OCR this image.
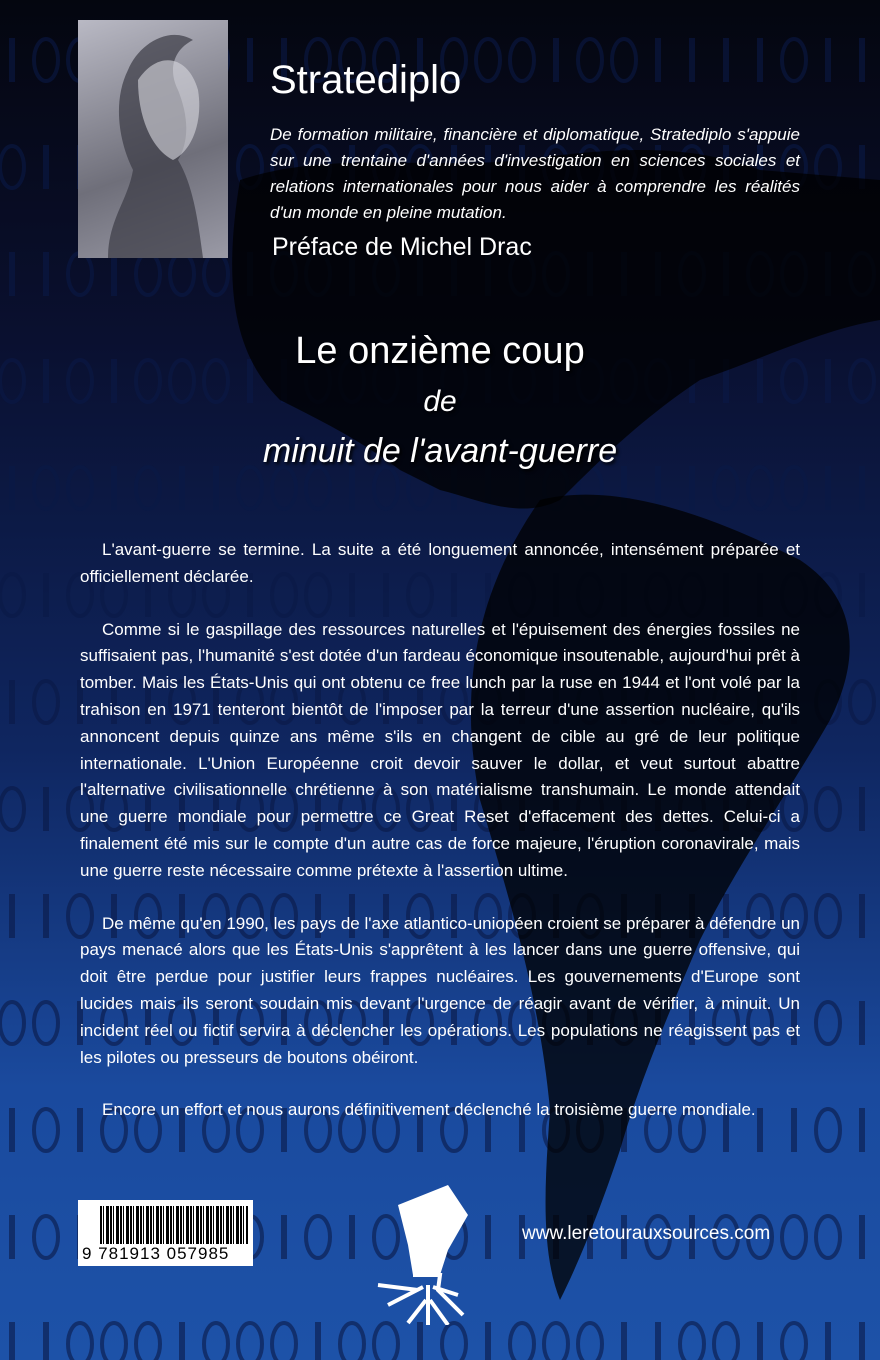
Stratediplo
De formation militaire, financière et diplomatique, Stratediplo s'appuie sur une trentaine d'années d'investigation en sciences sociales et relations internationales pour nous aider à comprendre les réalités d'un monde en pleine mutation.
Préface de Michel Drac
Le onzième coup
de
minuit de l'avant-guerre

L'avant-guerre se termine. La suite a été longuement annoncée, intensément préparée et officiellement déclarée.

Comme si le gaspillage des ressources naturelles et l'épuisement des énergies fossiles ne suffisaient pas, l'humanité s'est dotée d'un fardeau économique insoutenable, aujourd'hui prêt à tomber. Mais les États-Unis qui ont obtenu ce free lunch par la ruse en 1944 et l'ont volé par la trahison en 1971 tenteront bientôt de l'imposer par la terreur d'une assertion nucléaire, qu'ils annoncent depuis quinze ans même s'ils en changent de cible au gré de leur politique internationale. L'Union Européenne croit devoir sauver le dollar, et veut surtout abattre l'alternative civilisationnelle chrétienne à son matérialisme transhumain. Le monde attendait une guerre mondiale pour permettre ce Great Reset d'effacement des dettes. Celui-ci a finalement été mis sur le compte d'un autre cas de force majeure, l'éruption coronavirale, mais une guerre reste nécessaire comme prétexte à l'assertion ultime.

De même qu'en 1990, les pays de l'axe atlantico-uniopéen croient se préparer à défendre un pays menacé alors que les États-Unis s'apprêtent à les lancer dans une guerre offensive, qui doit être perdue pour justifier leurs frappes nucléaires. Les gouvernements d'Europe sont lucides mais ils seront soudain mis devant l'urgence de réagir avant de vérifier, à minuit. Un incident réel ou fictif servira à déclencher les opérations. Les populations ne réagissent pas et les pilotes ou presseurs de boutons obéiront.

Encore un effort et nous aurons définitivement déclenché la troisième guerre mondiale.

9 781913 057985
www.leretourauxsources.com
